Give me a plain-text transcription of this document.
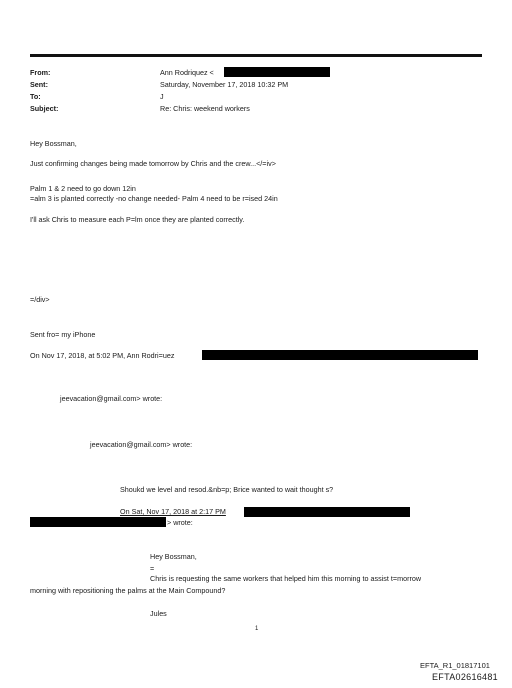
From:
Sent:
To:
Subject:
Ann Rodriquez <
Saturday, November 17, 2018 10:32 PM
J
Re: Chris: weekend workers
Hey Bossman,
Just confirming changes being made tomorrow by Chris and the crew...</=iv>
Palm 1 & 2 need to go down 12in
=alm 3 is planted correctly -no change needed- Palm 4 need to be r=ised 24in
I'll ask Chris to measure each P=lm once they are planted correctly.
=/div>
Sent fro= my iPhone
On Nov 17, 2018, at 5:02 PM, Ann Rodri=uez
jeevacation@gmail.com> wrote:
jeevacation@gmail.com> wrote:
Shoukd we level and resod.&nb=p; Brice wanted to wait thought s?
On Sat, Nov 17, 2018 at 2:17 PM
> wrote:
Hey Bossman,
=
Chris is requesting the same workers that helped him this morning to assist t=morrow
morning with repositioning the palms at the Main Compound?
Jules
1
EFTA_R1_01817101
EFTA02616481
